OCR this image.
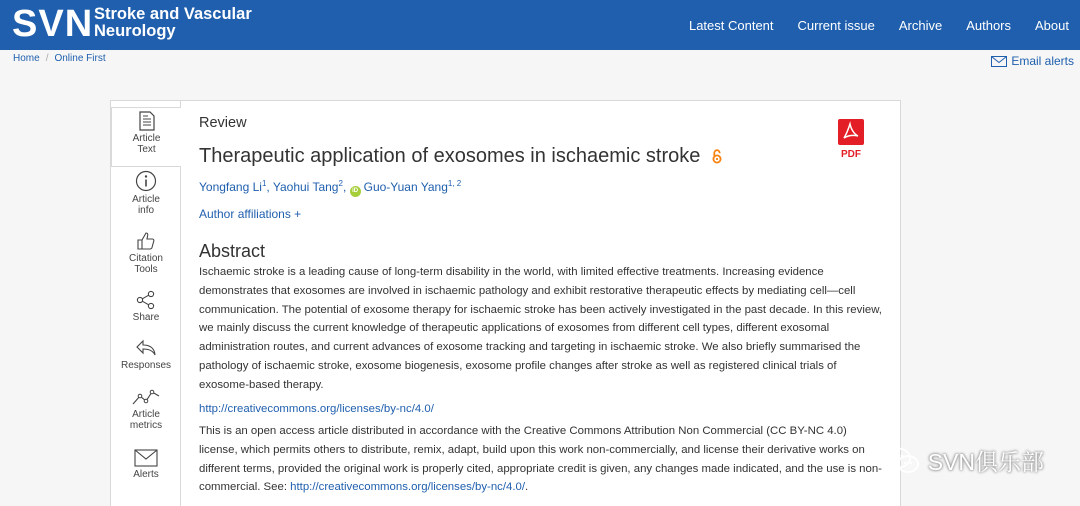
SVN Stroke and Vascular
Neurology	Latest Content Current issue Archive Authors About
Home / Online First	Email alerts
Article
Text
Article
info
Citation
Tools
Share
Responses
Article
metrics
Alerts
Review
Therapeutic application of exosomes in ischaemic stroke
Yongfang Li$^1$, Yaohui Tang$^2$, iD Guo-Yuan Yang$^{1, 2}$
Author affiliations +
Abstract

Ischaemic stroke is a leading cause of long-term disability in the world, with limited effective treatments. Increasing evidence demonstrates that exosomes are involved in ischaemic pathology and exhibit restorative therapeutic effects by mediating cell—cell communication. The potential of exosome therapy for ischaemic stroke has been actively investigated in the past decade. In this review, we mainly discuss the current knowledge of therapeutic applications of exosomes from different cell types, different exosomal administration routes, and current advances of exosome tracking and targeting in ischaemic stroke. We also briefly summarised the pathology of ischaemic stroke, exosome biogenesis, exosome profile changes after stroke as well as registered clinical trials of exosome-based therapy.

http://creativecommons.org/licenses/by-nc/4.0/

This is an open access article distributed in accordance with the Creative Commons Attribution Non Commercial (CC BY-NC 4.0) license, which permits others to distribute, remix, adapt, build upon this work non-commercially, and license their derivative works on different terms, provided the original work is properly cited, appropriate credit is given, any changes made indicated, and the use is non-commercial. See: http://creativecommons.org/licenses/by-nc/4.0/.

PDF
SVN俱乐部
